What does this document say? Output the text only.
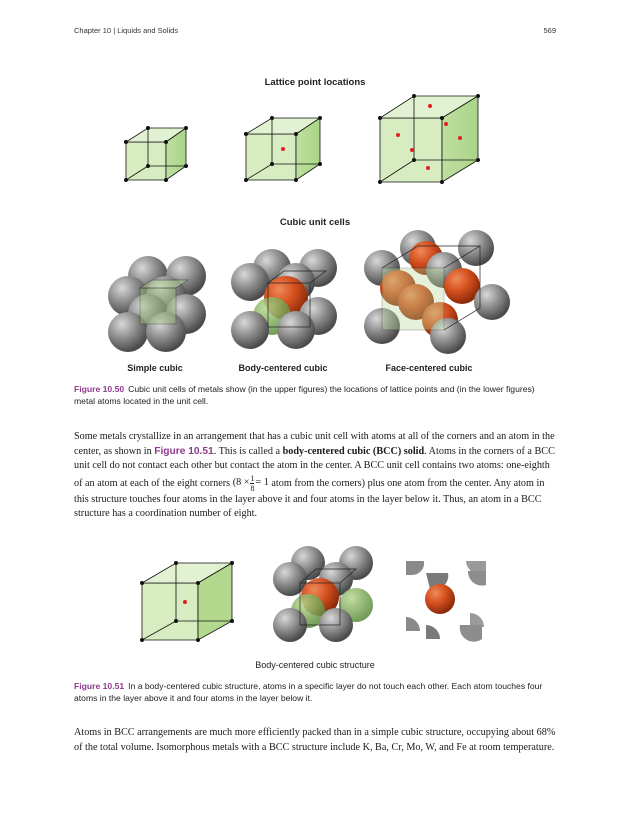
Chapter 10 | Liquids and Solids	569
Lattice point locations
Cubic unit cells
Simple cubic	Body-centered cubic	Face-centered cubic
Figure 10.50 Cubic unit cells of metals show (in the upper figures) the locations of lattice points and (in the lower figures) metal atoms located in the unit cell.
Some metals crystallize in an arrangement that has a cubic unit cell with atoms at all of the corners and an atom in the center, as shown in Figure 10.51. This is called a body-centered cubic (BCC) solid. Atoms in the corners of a BCC unit cell do not contact each other but contact the atom in the center. A BCC unit cell contains two atoms: one-eighth of an atom at each of the eight corners ($8 \times \frac{1}{8} = 1$ atom from the corners) plus one atom from the center. Any atom in this structure touches four atoms in the layer above it and four atoms in the layer below it. Thus, an atom in a BCC structure has a coordination number of eight.
Body-centered cubic structure
Figure 10.51 In a body-centered cubic structure, atoms in a specific layer do not touch each other. Each atom touches four atoms in the layer above it and four atoms in the layer below it.
Atoms in BCC arrangements are much more efficiently packed than in a simple cubic structure, occupying about 68% of the total volume. Isomorphous metals with a BCC structure include K, Ba, Cr, Mo, W, and Fe at room temperature.
